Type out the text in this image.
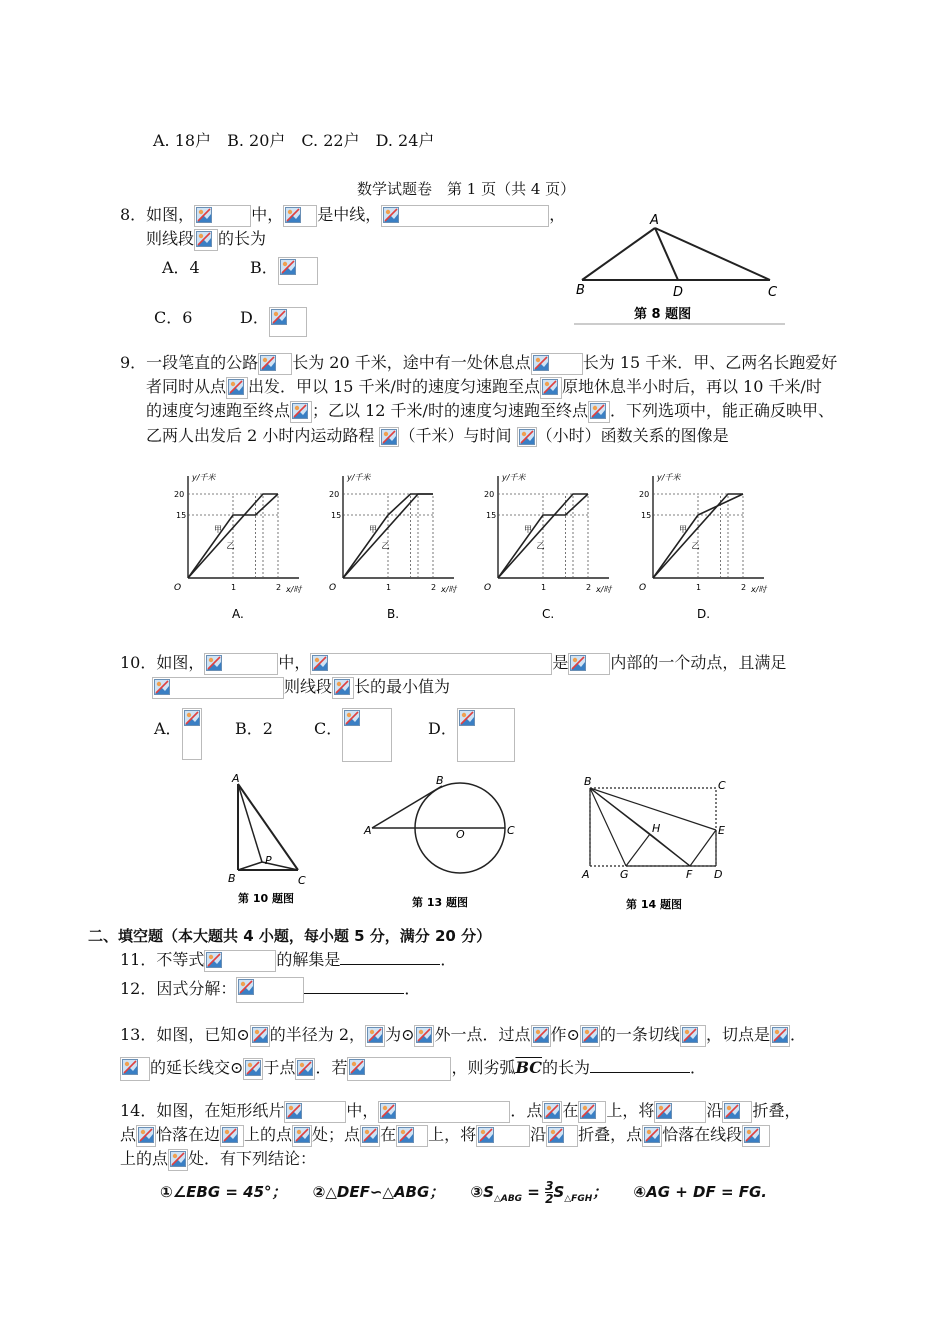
A. 18户　B. 20户　C. 22户　D. 24户
数学试题卷　第 1 页（共 4 页）
8．如图，	中， 是中线，	，
则线段 的长为
A．4	B．
C．6	D．
A
B	D	C
第 8 题图
9．一段笔直的公路 长为 20 千米，途中有一处休息点	长为 15 千米．甲、乙两名长跑爱好
者同时从点 出发．甲以 15 千米/时的速度匀速跑至点 原地休息半小时后，再以 10 千米/时
的速度匀速跑至终点 ；乙以 12 千米/时的速度匀速跑至终点 ．下列选项中，能正确反映甲、
乙两人出发后 2 小时内运动路程 （千米）与时间 （小时）函数关系的图像是
y/千米
x/时
20
15
O	1	2
甲
乙
A.
y/千米
x/时
20
15
O	1	2
甲
乙
B.
y/千米
x/时
20
15
O	1	2
甲
乙
C.
y/千米
x/时
20
15
O	1	2
甲
乙
D.
10．如图，	中，	是	内部的一个动点，且满足
则线段 长的最小值为
A．	B．2	C．	D．
A
B	C
P
第 10 题图
A
B
O	C
第 13 题图
B	C
H	E
A	G	F D
第 14 题图
二、填空题（本大题共 4 小题，每小题 5 分，满分 20 分）
11．不等式	的解集是	．
12．因式分解：	．
13．如图，已知⊙ 的半径为 2， 为⊙ 外一点．过点 作⊙ 的一条切线 ，切点是 ．
的延长线交⊙ 于点 ．若	，则劣弧$\overline{BC}$的长为	．
14．如图，在矩形纸片	中，	．点 在 上，将	沿 折叠，
点 恰落在边 上的点 处；点 在 上，将	沿 折叠，点 恰落在线段
上的点 处．有下列结论：
①∠EBG = 45°； ②△DEF∽△ABG； $③S_{\triangle ABG} = \frac{3}{2} S_{\triangle FGH}$； ④AG + DF = FG.
